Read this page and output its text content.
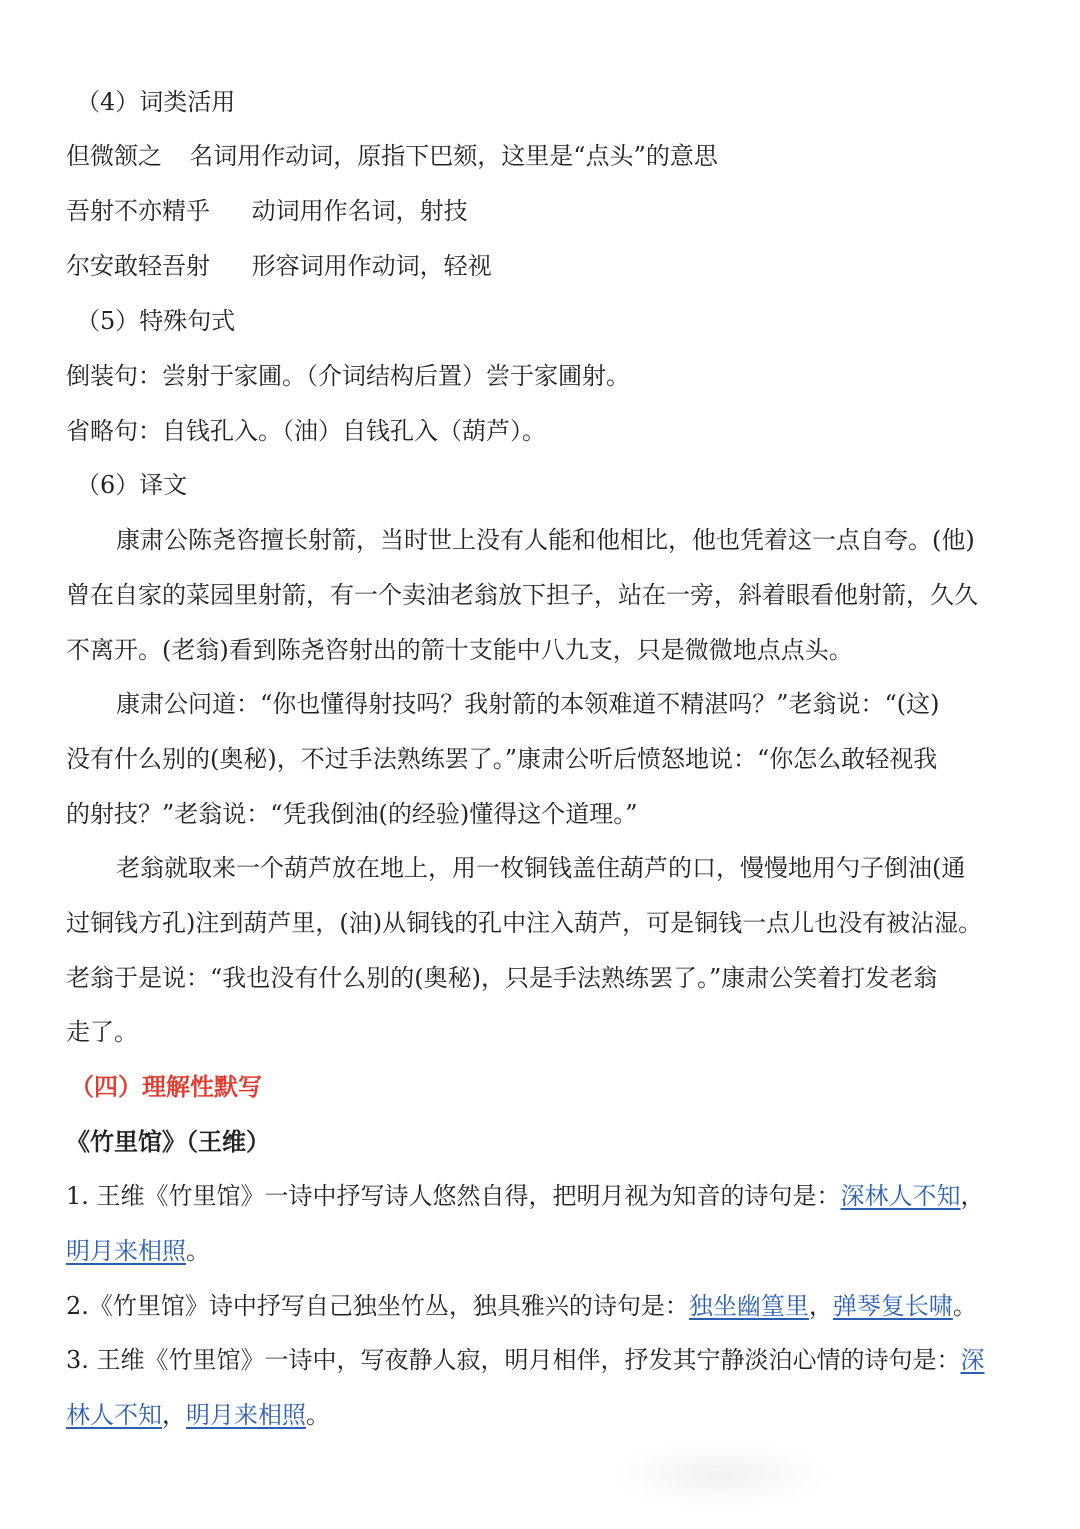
（4）词类活用
但微颔之 名词用作动词，原指下巴颏，这里是“点头”的意思
吾射不亦精乎 动词用作名词，射技
尔安敢轻吾射 形容词用作动词，轻视
（5）特殊句式
倒装句：尝射于家圃。（介词结构后置）尝于家圃射。
省略句：自钱孔入。（油）自钱孔入（葫芦）。
（6）译文
康肃公陈尧咨擅长射箭，当时世上没有人能和他相比，他也凭着这一点自夸。(他)
曾在自家的菜园里射箭，有一个卖油老翁放下担子，站在一旁，斜着眼看他射箭，久久
不离开。(老翁)看到陈尧咨射出的箭十支能中八九支，只是微微地点点头。
康肃公问道：“你也懂得射技吗？我射箭的本领难道不精湛吗？”老翁说：“(这)
没有什么别的(奥秘)，不过手法熟练罢了。”康肃公听后愤怒地说：“你怎么敢轻视我
的射技？”老翁说：“凭我倒油(的经验)懂得这个道理。”
老翁就取来一个葫芦放在地上，用一枚铜钱盖住葫芦的口，慢慢地用勺子倒油(通
过铜钱方孔)注到葫芦里，(油)从铜钱的孔中注入葫芦，可是铜钱一点儿也没有被沾湿。
老翁于是说：“我也没有什么别的(奥秘)，只是手法熟练罢了。”康肃公笑着打发老翁
走了。
（四）理解性默写
《竹里馆》（王维）
1. 王维《竹里馆》一诗中抒写诗人悠然自得，把明月视为知音的诗句是：深林人不知，
明月来相照。
2.《竹里馆》诗中抒写自己独坐竹丛，独具雅兴的诗句是：独坐幽篁里，弹琴复长啸。
3. 王维《竹里馆》一诗中，写夜静人寂，明月相伴，抒发其宁静淡泊心情的诗句是：深
林人不知，明月来相照。
